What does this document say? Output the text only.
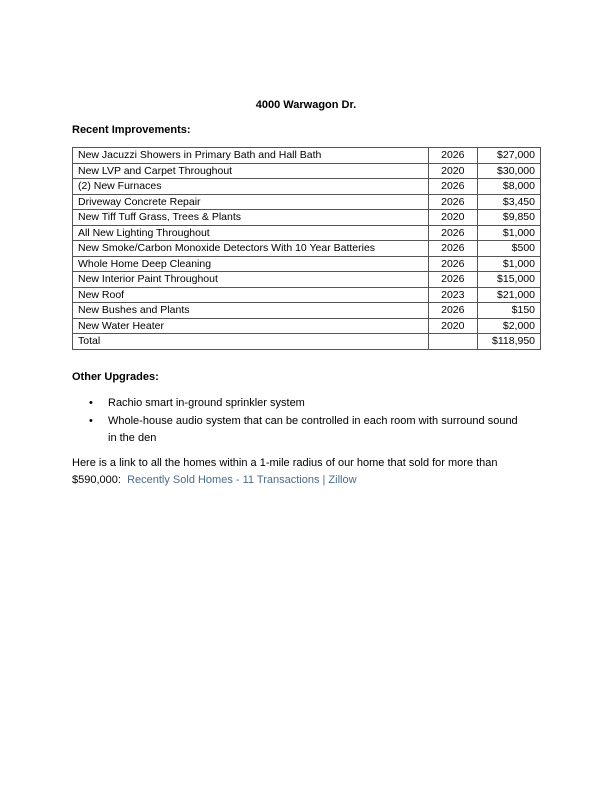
4000 Warwagon Dr.
Recent Improvements:
New Jacuzzi Showers in Primary Bath and Hall Bath	2026	$27,000
New LVP and Carpet Throughout	2020	$30,000
(2) New Furnaces	2026	$8,000
Driveway Concrete Repair	2026	$3,450
New Tiff Tuff Grass, Trees & Plants	2020	$9,850
All New Lighting Throughout	2026	$1,000
New Smoke/Carbon Monoxide Detectors With 10 Year Batteries	2026	$500
Whole Home Deep Cleaning	2026	$1,000
New Interior Paint Throughout	2026	$15,000
New Roof	2023	$21,000
New Bushes and Plants	2026	$150
New Water Heater	2020	$2,000
Total		$118,950
Other Upgrades:
• Rachio smart in-ground sprinkler system
• Whole-house audio system that can be controlled in each room with surround sound in the den
Here is a link to all the homes within a 1-mile radius of our home that sold for more than $590,000: Recently Sold Homes - 11 Transactions | Zillow
